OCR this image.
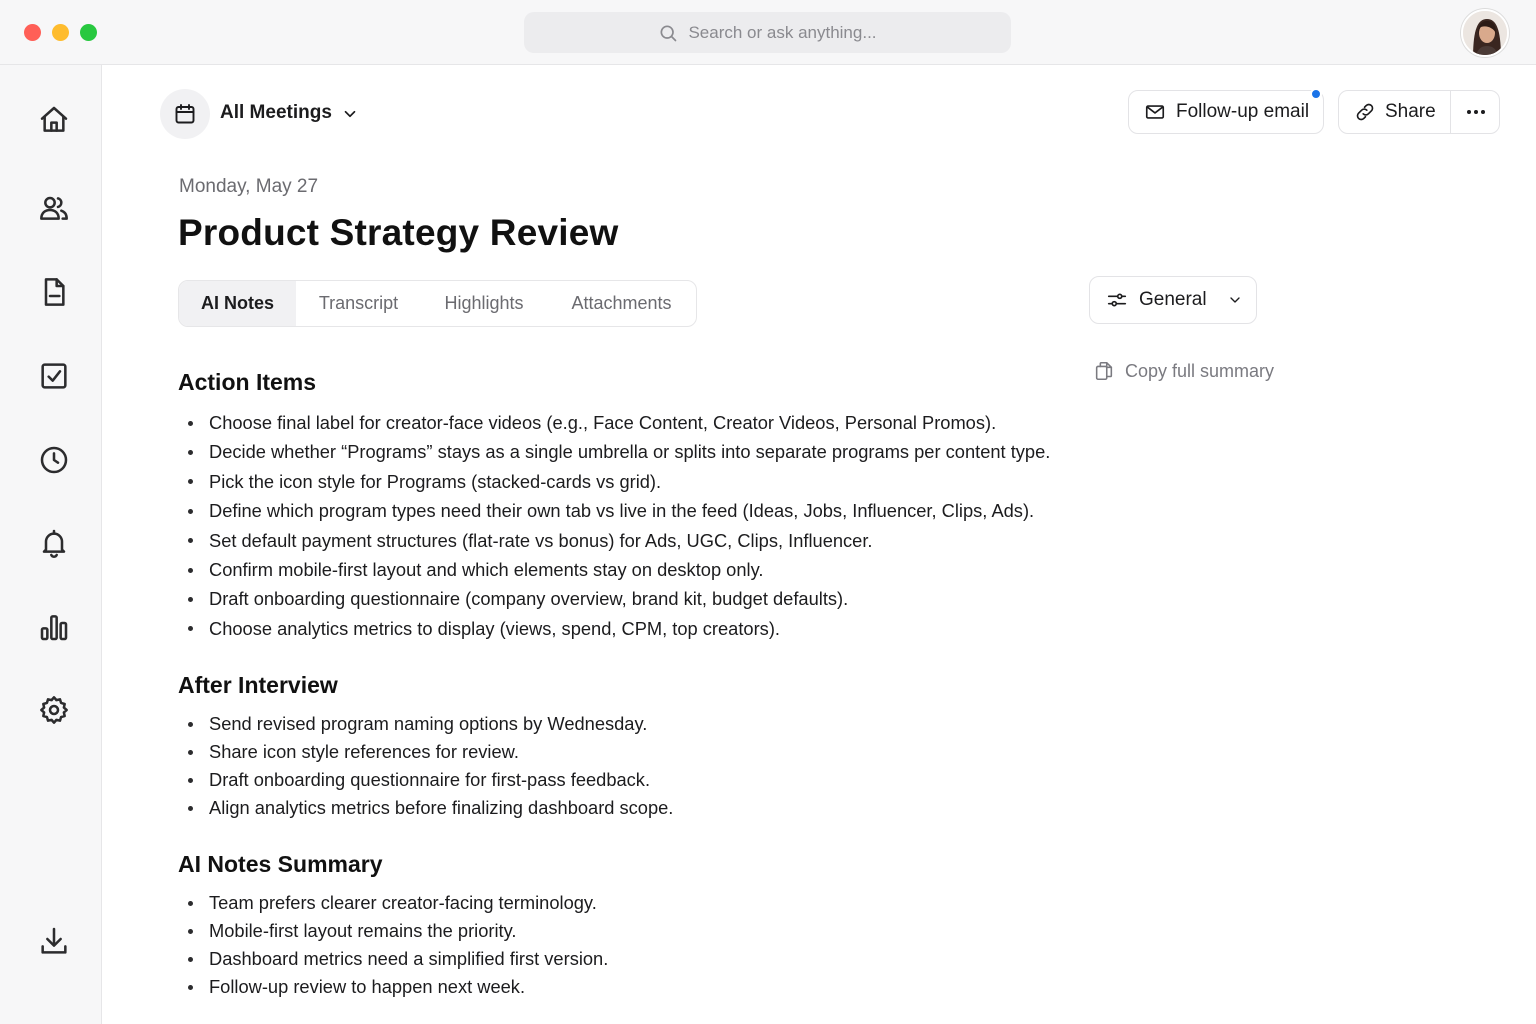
Search or ask anything...
All Meetings	Follow-up email	Share
Monday, May 27
Product Strategy Review
AI Notes	Transcript	Highlights	Attachments	General
Copy full summary
Action Items
Choose final label for creator-face videos (e.g., Face Content, Creator Videos, Personal Promos).
Decide whether “Programs” stays as a single umbrella or splits into separate programs per content type.
Pick the icon style for Programs (stacked-cards vs grid).
Define which program types need their own tab vs live in the feed (Ideas, Jobs, Influencer, Clips, Ads).
Set default payment structures (flat-rate vs bonus) for Ads, UGC, Clips, Influencer.
Confirm mobile-first layout and which elements stay on desktop only.
Draft onboarding questionnaire (company overview, brand kit, budget defaults).
Choose analytics metrics to display (views, spend, CPM, top creators).
After Interview
Send revised program naming options by Wednesday.
Share icon style references for review.
Draft onboarding questionnaire for first-pass feedback.
Align analytics metrics before finalizing dashboard scope.
AI Notes Summary
Team prefers clearer creator-facing terminology.
Mobile-first layout remains the priority.
Dashboard metrics need a simplified first version.
Follow-up review to happen next week.
